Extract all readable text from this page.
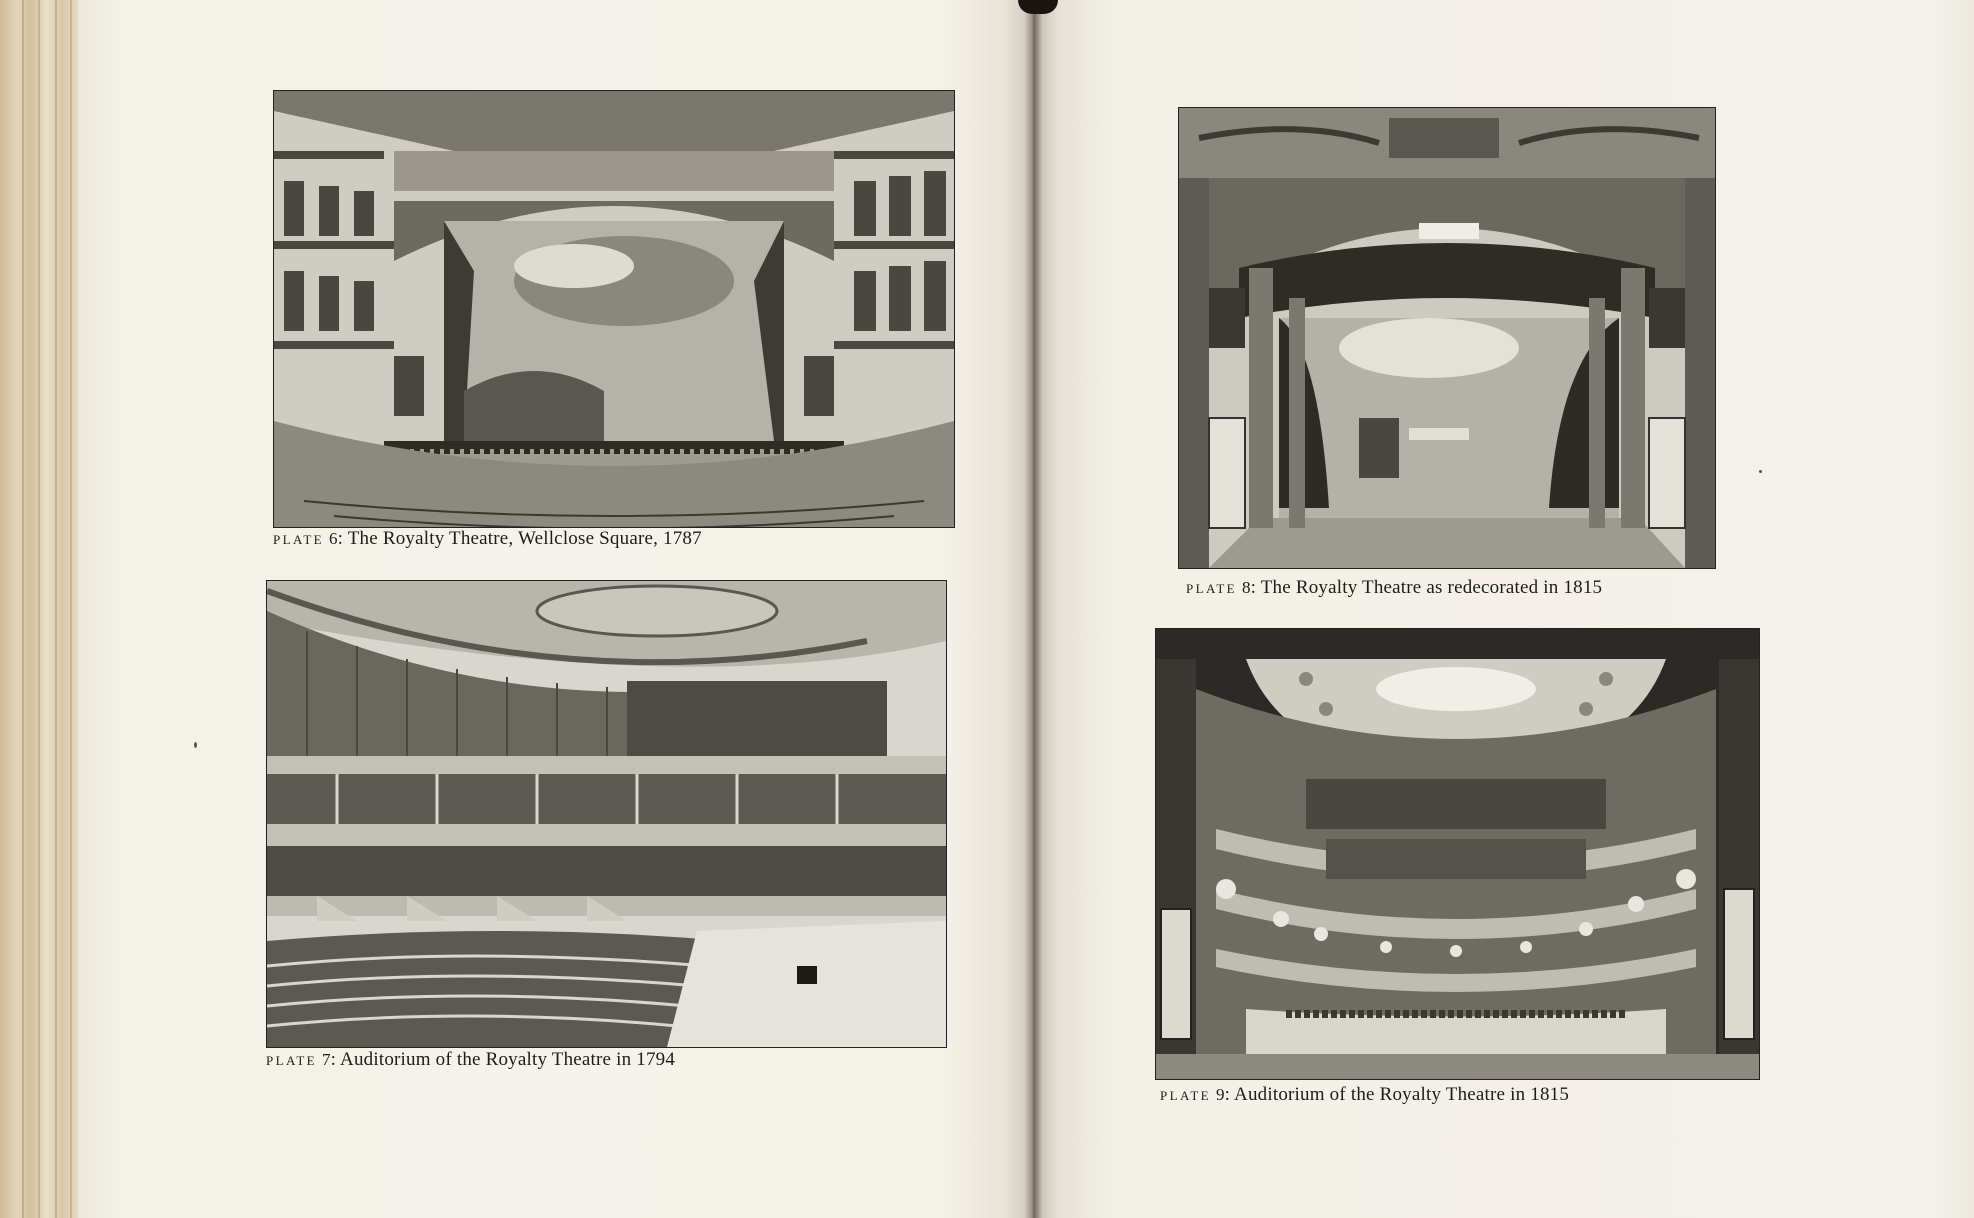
PLATE 6: The Royalty Theatre, Wellclose Square, 1787
PLATE 7: Auditorium of the Royalty Theatre in 1794
PLATE 8: The Royalty Theatre as redecorated in 1815
PLATE 9: Auditorium of the Royalty Theatre in 1815
